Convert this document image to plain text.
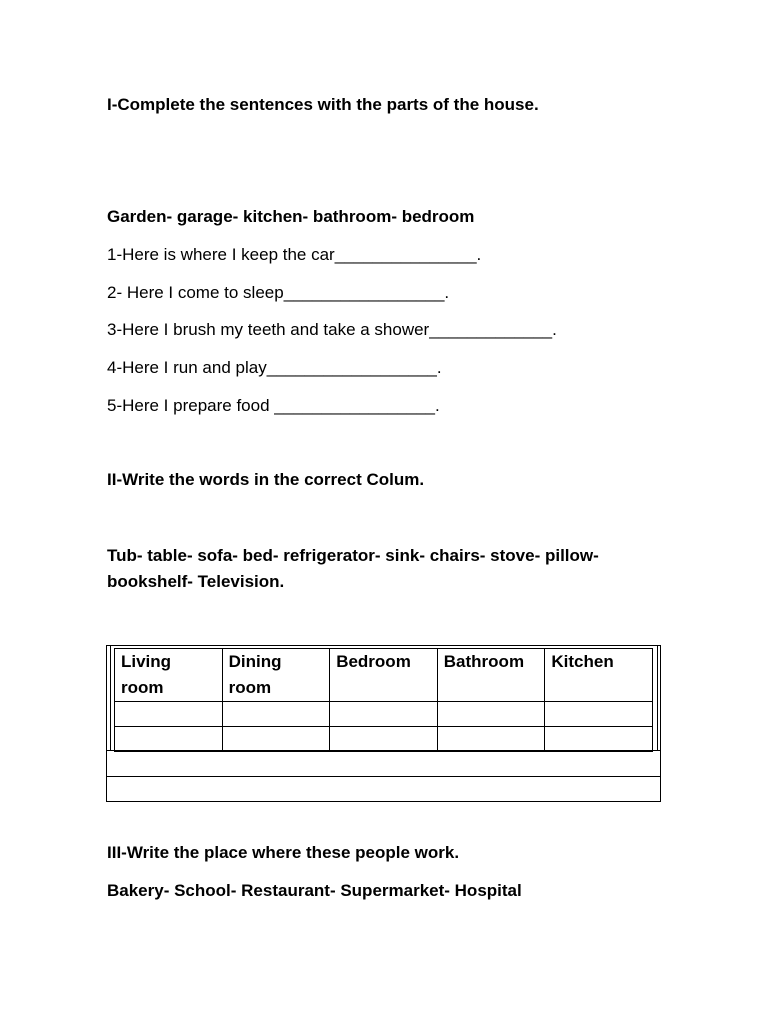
I-Complete the sentences with the parts of the house.
Garden- garage- kitchen- bathroom- bedroom
1-Here is where I keep the car_______________.
2- Here I come to sleep_________________.
3-Here I brush my teeth and take a shower_____________.
4-Here I run and play__________________.
5-Here I prepare food _________________.
II-Write the words in the correct Colum.
Tub- table- sofa- bed- refrigerator- sink- chairs- stove- pillow- bookshelf- Television.
Living room	Dining room	Bedroom	Bathroom	Kitchen

III-Write the place where these people work.
Bakery- School- Restaurant- Supermarket- Hospital
